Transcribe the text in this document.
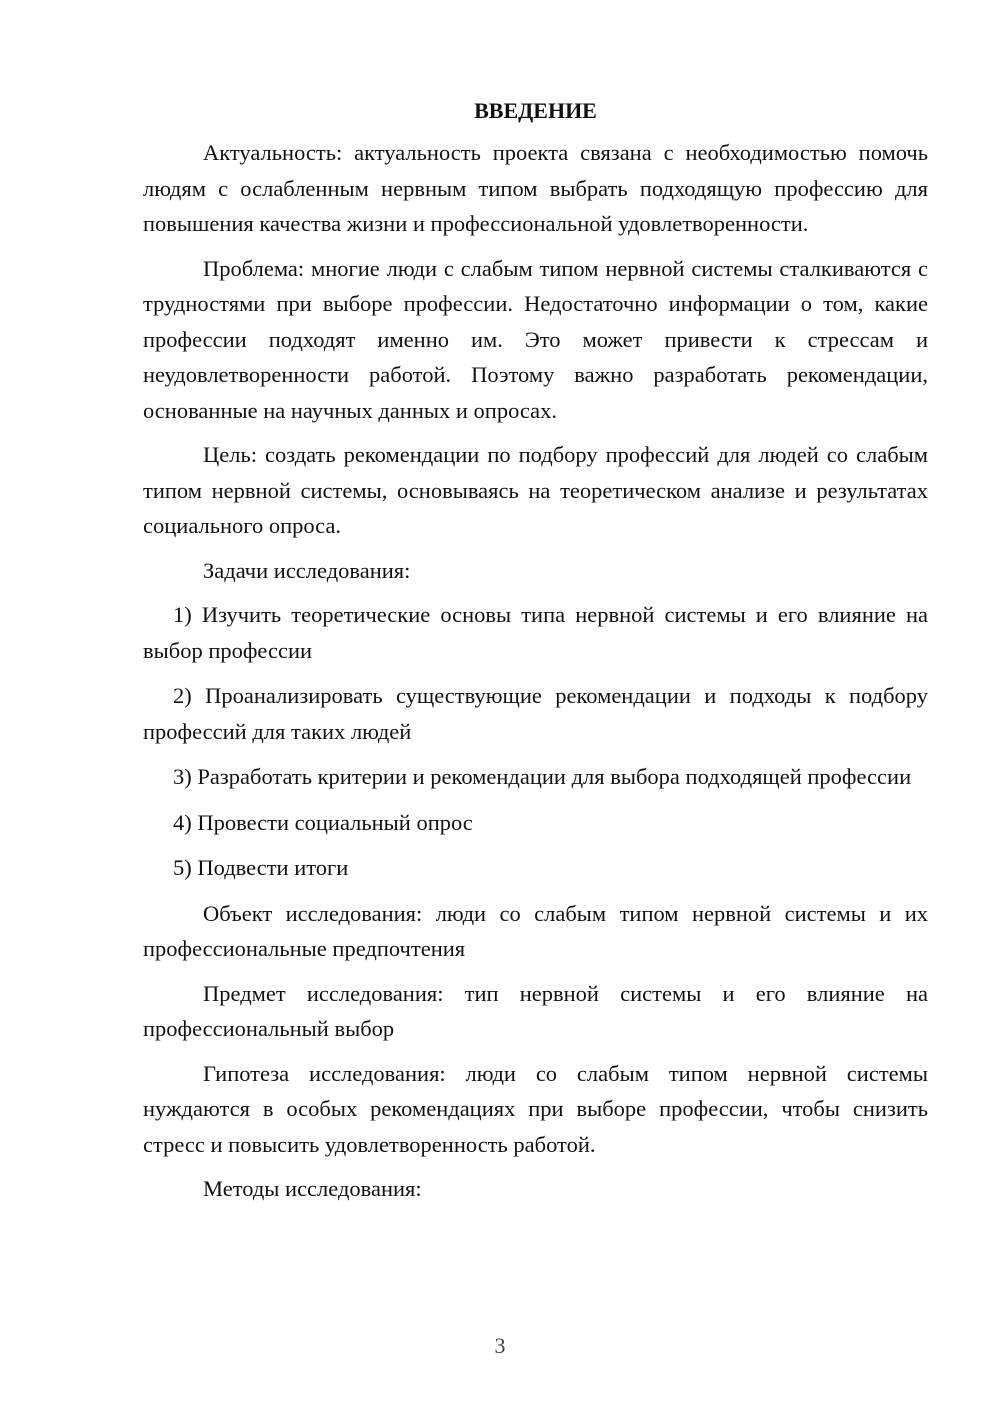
ВВЕДЕНИЕ

Актуальность: актуальность проекта связана с необходимостью помочь людям с ослабленным нервным типом выбрать подходящую профессию для повышения качества жизни и профессиональной удовлетворенности.

Проблема: многие люди с слабым типом нервной системы сталкиваются с трудностями при выборе профессии. Недостаточно информации о том, какие профессии подходят именно им. Это может привести к стрессам и неудовлетворенности работой. Поэтому важно разработать рекомендации, основанные на научных данных и опросах.

Цель: создать рекомендации по подбору профессий для людей со слабым типом нервной системы, основываясь на теоретическом анализе и результатах социального опроса.

Задачи исследования:

1) Изучить теоретические основы типа нервной системы и его влияние на выбор профессии

2) Проанализировать существующие рекомендации и подходы к подбору профессий для таких людей

3) Разработать критерии и рекомендации для выбора подходящей профессии

4) Провести социальный опрос

5) Подвести итоги

Объект исследования: люди со слабым типом нервной системы и их профессиональные предпочтения

Предмет исследования: тип нервной системы и его влияние на профессиональный выбор

Гипотеза исследования: люди со слабым типом нервной системы нуждаются в особых рекомендациях при выборе профессии, чтобы снизить стресс и повысить удовлетворенность работой.

Методы исследования:

3
